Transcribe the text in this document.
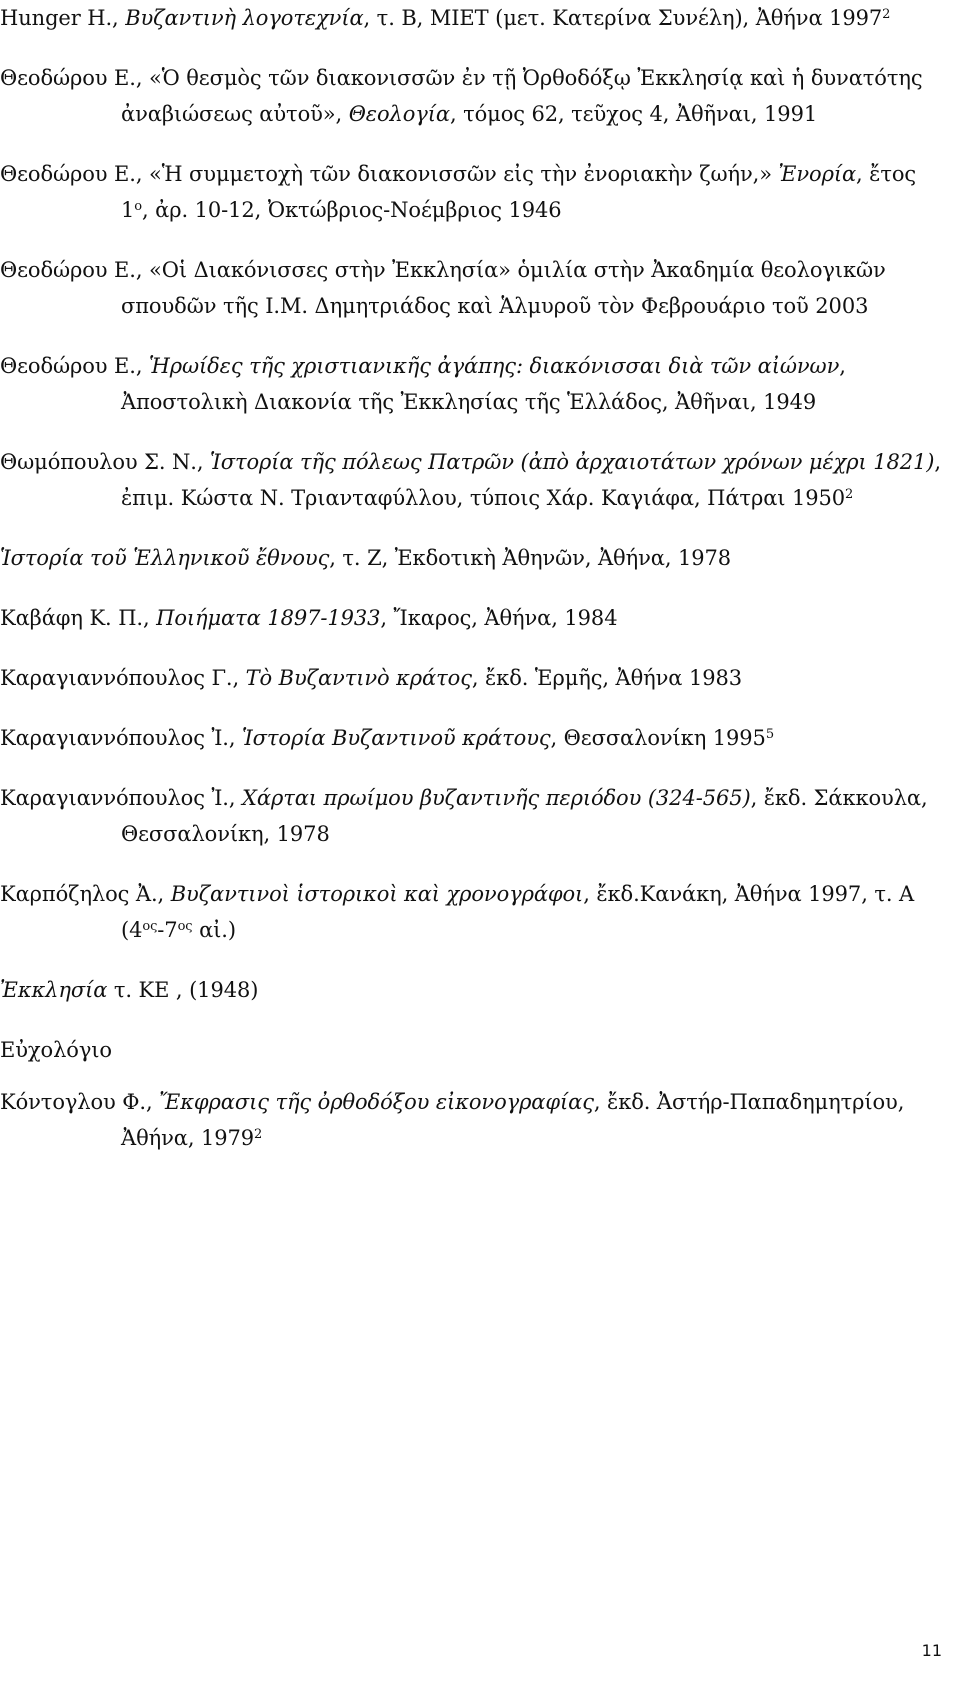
Hunger H., Βυζαντινὴ λογοτεχνία, τ. Β, ΜΙΕΤ (μετ. Κατερίνα Συνέλη), Ἀθήνα 1997$^2$

Θεοδώρου Ε., «Ὁ θεσμὸς τῶν διακονισσῶν ἐν τῇ Ὀρθοδόξῳ Ἐκκλησίᾳ καὶ ἡ δυνατότης ἀναβιώσεως αὐτοῦ», Θεολογία, τόμος 62, τεῦχος 4, Ἀθῆναι, 1991

Θεοδώρου Ε., «Ἡ συμμετοχὴ τῶν διακονισσῶν εἰς τὴν ἐνοριακὴν ζωήν,» Ἐνορία, ἔτος $1^o$, ἀρ. 10-12, Ὀκτώβριος-Νοέμβριος 1946

Θεοδώρου Ε., «Οἱ Διακόνισσες στὴν Ἐκκλησία» ὁμιλία στὴν Ἀκαδημία θεολογικῶν σπουδῶν τῆς Ι.Μ. Δημητριάδος καὶ Ἁλμυροῦ τὸν Φεβρουάριο τοῦ 2003

Θεοδώρου Ε., Ἡρωίδες τῆς χριστιανικῆς ἀγάπης: διακόνισσαι διὰ τῶν αἰώνων, Ἀποστολικὴ Διακονία τῆς Ἐκκλησίας τῆς Ἑλλάδος, Ἀθῆναι, 1949

Θωμόπουλου Σ. Ν., Ἱστορία τῆς πόλεως Πατρῶν (ἀπὸ ἀρχαιοτάτων χρόνων μέχρι 1821), ἐπιμ. Κώστα Ν. Τριανταφύλλου, τύποις Χάρ. Καγιάφα, Πάτραι 1950$^2$

Ἱστορία τοῦ Ἑλληνικοῦ ἔθνους, τ. Ζ, Ἐκδοτικὴ Ἀθηνῶν, Ἀθήνα, 1978

Καβάφη Κ. Π., Ποιήματα 1897-1933, Ἴκαρος, Ἀθήνα, 1984

Καραγιαννόπουλος Γ., Τὸ Βυζαντινὸ κράτος, ἔκδ. Ἑρμῆς, Ἀθήνα 1983

Καραγιαννόπουλος Ἰ., Ἱστορία Βυζαντινοῦ κράτους, Θεσσαλονίκη 1995$^5$

Καραγιαννόπουλος Ἰ., Χάρται πρωίμου βυζαντινῆς περιόδου (324-565), ἔκδ. Σάκκουλα, Θεσσαλονίκη, 1978

Καρπόζηλος Ἀ., Βυζαντινοὶ ἱστορικοὶ καὶ χρονογράφοι, ἔκδ.Κανάκη, Ἀθήνα 1997, τ. Α ($4^{o\varsigma}-7^{o\varsigma}$ αἰ.)

Ἐκκλησία τ. ΚΕ , (1948)

Εὐχολόγιο

Κόντογλου Φ., Ἔκφρασις τῆς ὀρθοδόξου εἰκονογραφίας, ἔκδ. Ἀστήρ-Παπαδημητρίου, Ἀθήνα, 1979$^2$

11
